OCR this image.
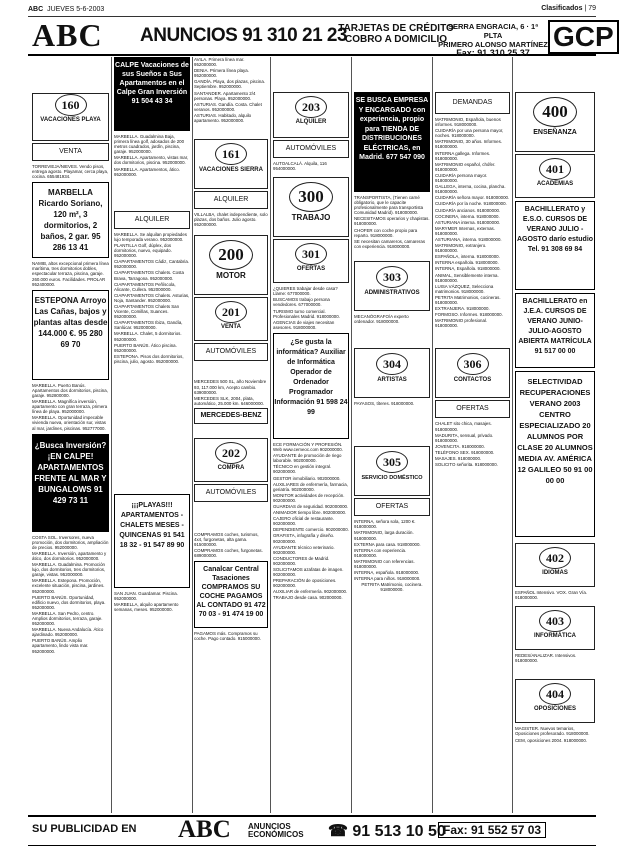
ABC JUEVES 5-6-2003	Clasificados | 79
ABC ANUNCIOS 91 310 21 23
TARJETAS DE CRÉDITO
COBRO A DOMICILIO
SERRA ENGRACIA, 6 · 1ª PLTA
PRIMERO ALONSO MARTÍNEZ
Fax: 91 310 25 37
GCP
160
VACACIONES PLAYA
VENTA

TORREVIEJA/NIEVES. Vendo pisos, entrega agosto. Playamar, cerca playa, cocina. 655481934.

MARBELLA Ricardo Soriano, 120 m², 3 dormitorios, 2 baños, 2 gar. 95 286 13 41

NAMIB, altos excepcional primera línea marítima, tres dormitorios dobles, espectacular terraza, piscina, garaje. 260.000 euros. Facilidades. PROLAR 952400000.

ESTEPONA Arroyo Las Cañas, bajos y plantas altas desde 144.000 €. 95 280 69 70

MARBELLA. Puerto Banús. Apartamentos dos dormitorios, piscina, garaje. 952800000.

MARBELLA. Magnífica inversión, apartamento con gran terraza, primera línea de playa. 952000000.

MARBELLA. Oportunidad impecable vivienda nueva, orientación sur, vistas al mar, jardines, piscinas. 952777000.

¿Busca Inversión? ¡EN CALPE! APARTAMENTOS FRENTE AL MAR Y BUNGALOWS 91 429 73 11

COSTA SOL. Inversores, nueva promoción, dos dormitorios, ampliación de precios. 952000000.

MARBELLA. Inversión, apartamento y ático, dos dormitorios. 952000000.

MARBELLA. Guadalmina. Promoción lujo, dos dormitorios, tres dormitorios, garaje, vistas. 952000000.

MARBELLA. Estepona. Promoción, excelente situación, piscina, jardines. 952000000.

PUERTO BANÚS. Oportunidad, edificio nuevo, dos dormitorios, playa. 952000000.

MARBELLA. San Pedro, centro. Amplios dormitorios, terraza, garaje. 952000000.

MARBELLA. Nueva Andalucía. Ático ajardinado. 952000000.

PUERTO BANÚS. Amplio apartamento, lindo vista mar. 952000000.

CALPE Vacaciones de sus Sueños a Sus Apartamentos en el Calpe Gran Inversión 91 504 43 34

MARBELLA. Guadalmina Baja, primera línea golf, adosados de 200 metros cuadrados, jardín, piscina, garaje. 952000000.

MARBELLA. Apartamento, vistas mar, dos dormitorios, piscina. 952000000.

MARBELLA. Apartamentos, ático. 952000000.

ALQUILER

MARBELLA. Se alquilan propiedades lujo temporada verano. 952000000.

PLANTILLA Golf, dúplex, dos dormitorios, nuevo, equipado. 952000000.

CIAPARTAMENTOS Cádiz, Cantabria. 952000000.

CIAPARTAMENTOS Chalets. Costa Brava, Tarragona. 952000000.

CIAPARTAMENTOS Peñíscola, Alicante, Cullera. 952000000.

CIAPARTAMENTOS Chalets. Asturias, Noja, Santander. 952000000.

CIAPARTAMENTOS Chalets San Vicente, Comillas, Suances. 952000000.

CIAPARTAMENTOS Ibiza, Gandía, Sanlúcar. 952000000.

MARBELLA. Chalet, 5 dormitorios. 952000000.

PUERTO BANÚS. Ático piscina. 952000000.

ESTEPONA. Pisos dos dormitorios, piscina, julio, agosto. 952000000.

¡¡¡PLAYAS!!! APARTAMENTOS - CHALETS MESES - QUINCENAS 91 541 18 32 - 91 547 89 90

SAN JUAN. Guardamar. Piscina. 952000000.

MARBELLA, alquilo apartamento semanas, meses. 952000000.

AVILA. Primera línea mar. 952000000.

DENIA. Primera línea playa. 952000000.

GANDÍA. Playa, dos plazas, piscina. Septiembre. 952000000.

SANTANDER. Apartamento 2/4 personas. Playa. 952000000.

ASTURIAS. Gandía. Costa. Chalet veranos. 952000000.

ASTURIAS. Habitado, alquilo apartamento. 952000000.

161
VACACIONES SIERRA
ALQUILER

VILLALBA, chalet independiente, solo plazas, dos baños. Julio agosto. 952000000.

200
MOTOR
201
VENTA
AUTOMÓVILES

MERCEDES 500 SL, año Noviembre 93, 117.000 km, Acepto cambio. 639000000.

MERCEDES SLK, 2004, plata, automático, 25.000 km. 646000000.

MERCEDES-BENZ
202
COMPRA
AUTOMÓVILES

COMPRAMOS coches, turismos, 4x4, furgonetas, alta gama. 915000000.

COMPRAMOS coches, furgonetas. 689000000.

Canalcar Central Tasaciones COMPRAMOS SU COCHE PAGAMOS AL CONTADO 91 472 70 03 - 91 474 19 00

PAGAMOS más. Compramos su coche. Pago contado. 915000000.

203
ALQUILER
AUTOMÓVILES

AUTOALCALÁ. Alquila, 116 954000000.

300
TRABAJO
301
OFERTAS

¿QUIERES trabajar desde casa? Llame: 677000000.

BUSCAMOS trabajo persona vendedores. 677000000.

TURISMO turno comercial. Profesionales Madrid. 918000000.

AGENCIAS de viajes necesitan asesores. 918000000.

¿Se gusta la informática? Auxiliar de Informática Operador de Ordenador Programador Información 91 598 24 99

ECE FORMACIÓN Y PROFESIÓN. Web www.cemeoc.com 902000000.

AYUDANTE de promoción de riego laborable. 902000000.

TÉCNICO en gestión integral. 902000000.

GESTOR inmobiliario. 902000000.

AUXILIARES de enfermería, farmacia, geriatría. 902000000.

MONITOR actividades de recepción. 902000000.

GUARDIAS de seguridad. 902000000.

ANIMADOR tiempo libre. 902000000.

CAJERO oficial de restaurante. 902000000.

DEPENDIENTE comercio. 902000000.

GRAFISTA, infografía y diseño. 902000000.

AYUDANTE técnico veterinario. 902000000.

CONDUCTORES de Madrid. 902000000.

SOLICITAMOS azafatas de imagen. 902000000.

PREPARACIÓN de oposiciones. 902000000.

AUXILIAR de enfermería. 902000000.

TRABAJO desde casa. 902000000.

SE BUSCA EMPRESA Y ENCARGADO con experiencia, propio para TIENDA DE DISTRIBUCIONES ELÉCTRICAS, en Madrid. 677 547 090

TRANSPORTISTA, (Tienen carné obligatorio, que le capacite profesionalmente para transportista Comunidad Madrid). 918000000.

NECESITAMOS operarios y chapistas. 918000000.

CHOFER con coche propio para reparto. 918000000.

SE necesitan camareros, camareras con experiencia. 918000000.

303
ADMINISTRATIVOS

MECANÓGRAFO/A experto ordenador. 918000000.

304
ARTISTAS

PAYASOS, títeres. 918000000.

305
SERVICIO DOMÉSTICO
OFERTAS

INTERNA, señora sola, 1200 €. 918000000.

MATRIMONIO, larga duración. 918000000.

EXTERNA para casa. 918000000.

INTERNA con experiencia. 918000000.

MATRIMONIO con referencias. 918000000.

INTERNA, española. 918000000.

INTERNA para niños. 918000000.

PETRITA Matrimonio, cocinera. 918000000.

DEMANDAS

MATRIMONIO, Española, buenos informes. 918000000.

CUIDARÍA por una persona mayor, noches. 918000000.

MATRIMONIO, 30 años. Informes. 918000000.

INTERNA gallega. Informes. 918000000.

MATRIMONIO español, chófer. 918000000.

CUIDARÍA persona mayor. 918000000.

GALLEGA, interna, cocina, plancha. 918000000.

CUIDARÍA señora mayor. 918000000.

CUIDARÍA por la noche. 918000000.

CUIDARÍA ancianos. 918000000.

COCINERA, interna. 918000000.

ASTURIANA interna. 918000000.

MARYMER Internas, externas. 918000000.

ASTURIANA, interna. 918000000.

MATRIMONIO, extranjero. 918000000.

ESPAÑOLA, interna. 918000000.

INTERNA española. 918000000.

INTERNA, Española. 918000000.

ANIMAL, Sensiblemente interna. 918000000.

LUISA VÁZQUEZ, Selecciona matrimonios. 918000000.

PETRITA Matrimonios, cocineras. 918000000.

EXTRANJERA. 918000000.

FORMOSO. Informes. 918000000.

MATRIMONIO profesional. 918000000.

306
CONTACTOS
OFERTAS

CHALET sito chica, masajes. 918000000.

MADURITA, sensual, privado. 918000000.

JOVENCITA. 918000000.

TELÉFONO SEX. 918000000.

MASAJES. 918000000.

SOLICITO señorita. 918000000.

400
ENSEÑANZA
401
ACADEMIAS
BACHILLERATO y E.S.O. CURSOS DE VERANO JULIO - AGOSTO darío estudio Tel. 91 308 69 84
BACHILLERATO en J.E.A. CURSOS DE VERANO JUNIO-JULIO-AGOSTO ABIERTA MATRÍCULA 91 517 00 00
SELECTIVIDAD RECUPERACIONES VERANO 2003 CENTRO ESPECIALIZADO 20 ALUMNOS POR CLASE 20 ALUMNOS MEDIA AV. AMÉRICA 12 GALILEO 50 91 00 00 00
402
IDIOMAS

ESPAÑOL Intensivo. VOX. Gran Vía. 918000000.

403
INFORMÁTICA

REDES/ANALIZAR. Intensivos. 918000000.

404
OPOSICIONES

MAGISTER. Nuevos temarios, Oposiciones profesorado. 918000000.

CEM, oposiciones 2004. 918000000.

SU PUBLICIDAD EN ABC ANUNCIOS ECONÓMICOS	☎ 91 513 10 50
Fax: 91 552 57 03
